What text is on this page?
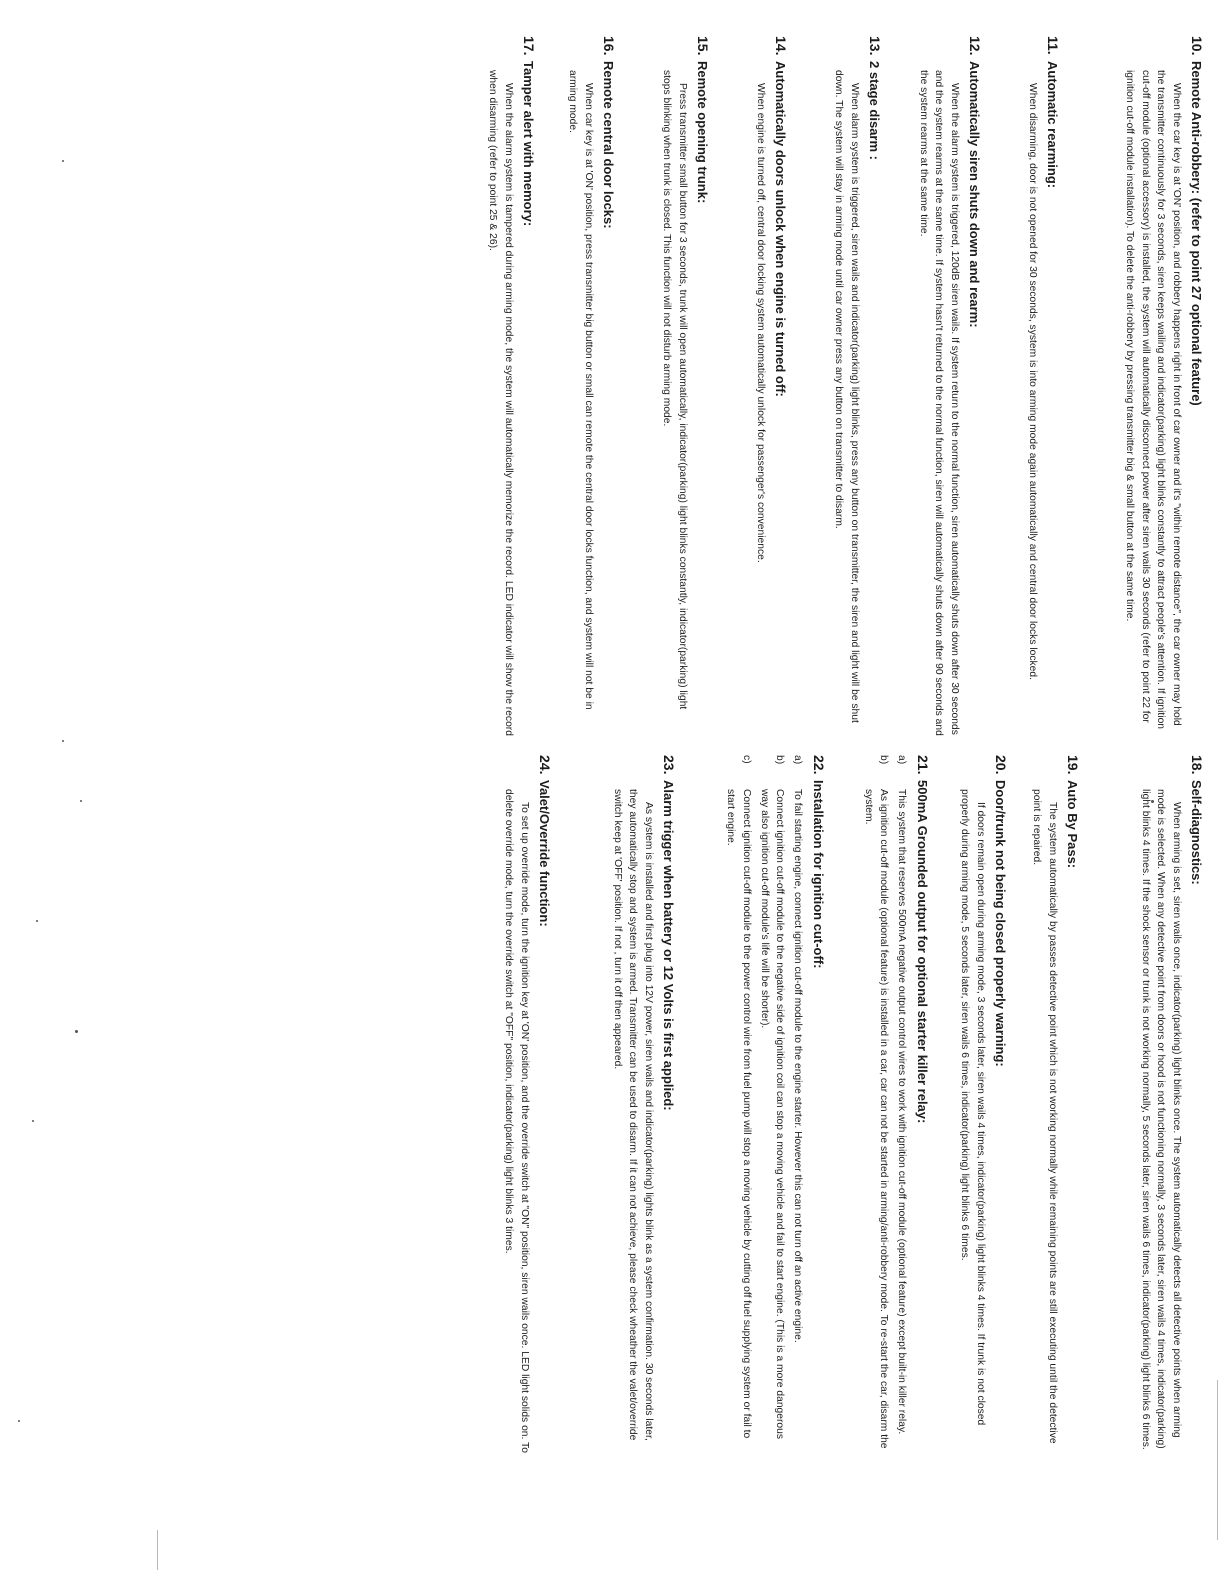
10.Remote Anti-robbery: (refer to point 27 optional feature)
When the car key is at 'ON' position, and robbery happens right in front of car owner and it's "within remote distance", the car owner may hold the transmitter continuously for 3 seconds, siren keeps wailing and indicator(parking) light blinks constantly to attract people's attention. If ignition cut-off module (optional accessory) is installed, the system will automatically disconnect power after siren wails 30 seconds (refer to point 22 for ignition cut-off module installation). To delete the anti-robbery by pressing transmitter big & small button at the same time.
11.Automatic rearming:
When disarming, door is not opened for 30 seconds, system is into arming mode again automatically and central door locks locked.
12.Automatically siren shuts down and rearm:
When the alarm system is triggered, 120dB siren wails. If system return to the normal function, siren automatically shuts down after 30 seconds and the system rearms at the same time. If system hasn't returned to the normal function, siren will automatically shuts down after 90 seconds and the system rearms at the same time.
13.2 stage disarm :
When alarm system is triggered, siren wails and indicator(parking) light blinks, press any button on transmitter, the siren and light will be shut down. The system will stay in arming mode until car owner press any button on transmitter to disarm.
14.Automatically doors unlock when engine is turned off:
When engine is turned off, central door locking system automatically unlock for passenger's convenience.
15.Remote opening trunk:
Press transmitter small button for 3 seconds, trunk will open automatically, indicator(parking) light blinks constantly, indicator(parking) light stops blinking when trunk is closed. This function will not disturb arming mode.
16.Remote central door locks:
When car key is at 'ON' position, press transmitter big button or small can remote the central door locks function, and system will not be in arming mode.
17.Tamper alert with memory:
When the alarm system is tampered during arming mode, the system will automatically memorize the record. LED indicator will show the record when disarming (refer to point 25 & 26).
18.Self-diagnostics:
When arming is set, siren wails once, indicator(parking) light blinks once. The system automatically detects all detective points when arming mode is selected. When any detective point from doors or hood is not functioning normally, 3 seconds later, siren wails 4 times, indicator(parking) light blinks 4 times. If the shock sensor or trunk is not working normally, 5 seconds later, siren wails 6 times, indicator(parking) light blinks 6 times.
19.Auto By Pass:
The system automatically by passes detective point which is not working normally while remaining points are still executing until the detective point is repaired.
20.Door/trunk not being closed properly warning:
If doors remain open during arming mode, 3 seconds later, siren wails 4 times, indicator(parking) light blinks 4 times. If trunk is not closed properly during arming mode, 5 seconds later, siren wails 6 times, indicator(parking) light blinks 6 times.
21.500mA Grounded output for optional starter killer relay:
a)
This system that reserves 500mA negative output control wires to work with ignition cut-off module (optional feature) except built-in killer relay.
b)
As ignition cut-off module (optional feature) is installed in a car, car can not be started in arming/anti-robbery mode. To re-start the car, disarm the system.
22.Installation for ignition cut-off:
a)
To fail starting engine, connect ignition cut-off module to the engine starter. However this can not turn off an active engine.
b)
Connect ignition cut-off module to the negative side of ignition coil can stop a moving vehicle and fail to start engine. (This is a more dangerous way also ignition cut-off module's life will be shorter).
c)
Connect ignition cut-off module to the power control wire from fuel pump will stop a moving vehicle by cutting off fuel supplying system or fail to start engine.
23.Alarm trigger when battery or 12 Volts is first applied:
As system is installed and first plug into 12V power, siren wails and indicator(parking) lights blink as a system confirmation. 30 seconds later, they automatically stop and system is armed. Transmitter can be used to disarm. If it can not achieve, please check wheather the valet/override switch keep at 'OFF' position. If not , turn it off then appeared.
24.Valet/Override function:
To set up override mode, turn the ignition key at 'ON' position, and the override switch at "ON" position, siren wails once. LED light solids on. To delete override mode, turn the override switch at "OFF" position, indicator(parking) light blinks 3 times.
